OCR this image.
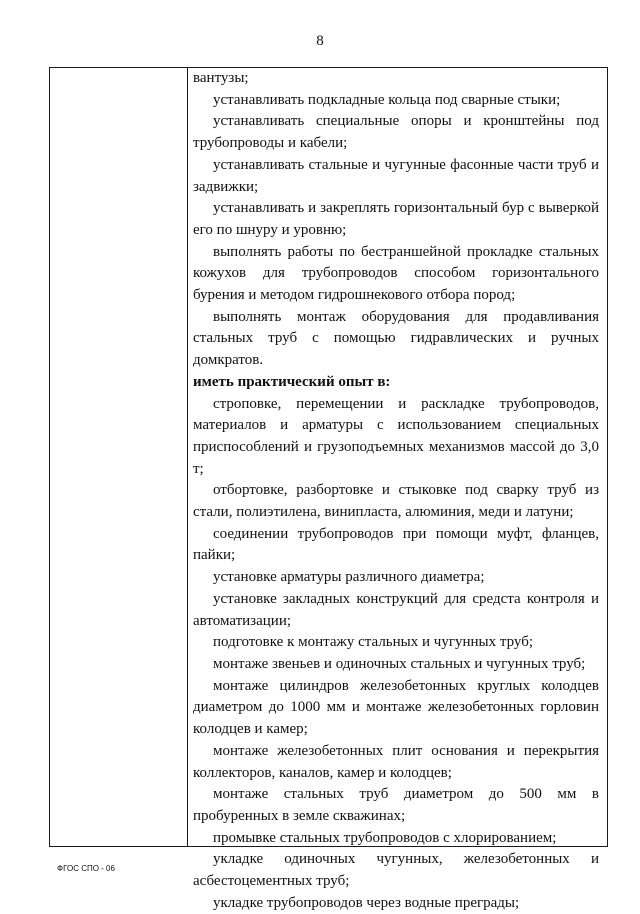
8

вантузы;

устанавливать подкладные кольца под сварные стыки;

устанавливать специальные опоры и кронштейны под трубопроводы и кабели;

устанавливать стальные и чугунные фасонные части труб и задвижки;

устанавливать и закреплять горизонтальный бур с выверкой его по шнуру и уровню;

выполнять работы по бестраншейной прокладке стальных кожухов для трубопроводов способом горизонтального бурения и методом гидрошнекового отбора пород;

выполнять монтаж оборудования для продавливания стальных труб с помощью гидравлических и ручных домкратов.

иметь практический опыт в:

строповке, перемещении и раскладке трубопроводов, материалов и арматуры с использованием специальных приспособлений и грузоподъемных механизмов массой до 3,0 т;

отбортовке, разбортовке и стыковке под сварку труб из стали, полиэтилена, винипласта, алюминия, меди и латуни;

соединении трубопроводов при помощи муфт, фланцев, пайки;

установке арматуры различного диаметра;

установке закладных конструкций для средста контроля и автоматизации;

подготовке к монтажу стальных и чугунных труб;

монтаже звеньев и одиночных стальных и чугунных труб;

монтаже цилиндров железобетонных круглых колодцев диаметром до 1000 мм и монтаже железобетонных горловин колодцев и камер;

монтаже железобетонных плит основания и перекрытия коллекторов, каналов, камер и колодцев;

монтаже стальных труб диаметром до 500 мм в пробуренных в земле скважинах;

промывке стальных трубопроводов с хлорированием;

укладке одиночных чугунных, железобетонных и асбестоцементных труб;

укладке трубопроводов через водные преграды;

ФГОС СПО - 06
